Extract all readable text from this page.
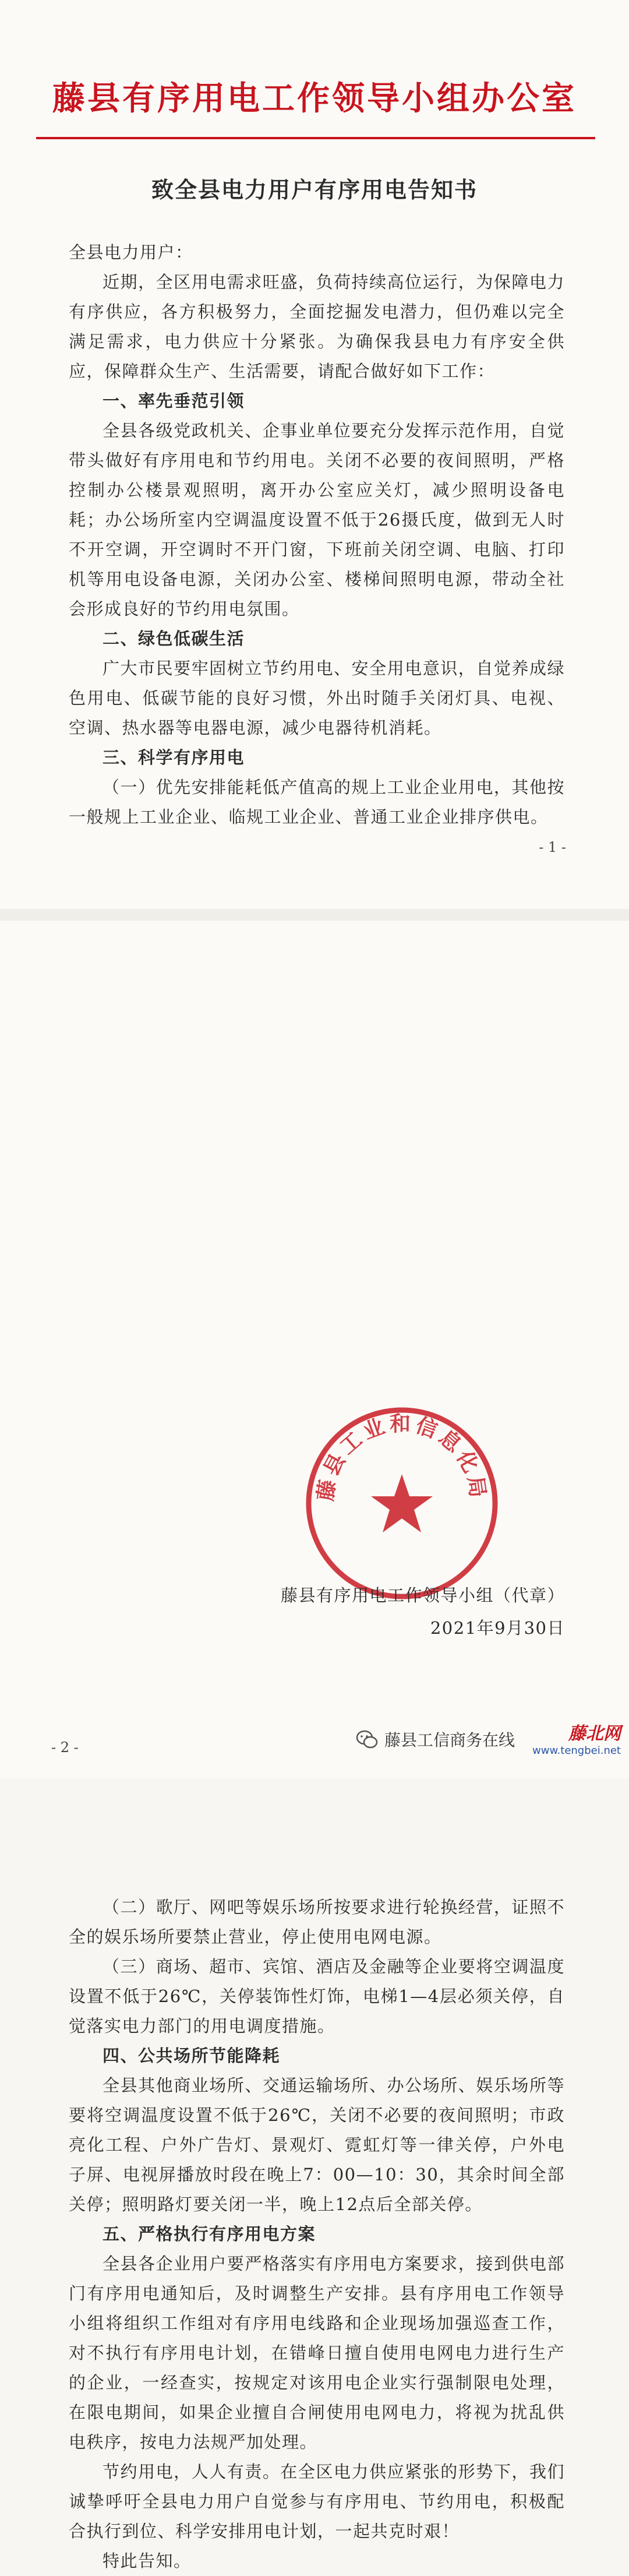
藤县有序用电工作领导小组办公室
致全县电力用户有序用电告知书

全县电力用户：

近期，全区用电需求旺盛，负荷持续高位运行，为保障电力有序供应，各方积极努力，全面挖掘发电潜力，但仍难以完全满足需求，电力供应十分紧张。为确保我县电力有序安全供应，保障群众生产、生活需要，请配合做好如下工作：

一、率先垂范引领

全县各级党政机关、企事业单位要充分发挥示范作用，自觉带头做好有序用电和节约用电。关闭不必要的夜间照明，严格控制办公楼景观照明，离开办公室应关灯，减少照明设备电耗；办公场所室内空调温度设置不低于26摄氏度，做到无人时不开空调，开空调时不开门窗，下班前关闭空调、电脑、打印机等用电设备电源，关闭办公室、楼梯间照明电源，带动全社会形成良好的节约用电氛围。

二、绿色低碳生活

广大市民要牢固树立节约用电、安全用电意识，自觉养成绿色用电、低碳节能的良好习惯，外出时随手关闭灯具、电视、空调、热水器等电器电源，减少电器待机消耗。

三、科学有序用电

（一）优先安排能耗低产值高的规上工业企业用电，其他按一般规上工业企业、临规工业企业、普通工业企业排序供电。

- 1 -

（二）歌厅、网吧等娱乐场所按要求进行轮换经营，证照不全的娱乐场所要禁止营业，停止使用电网电源。

（三）商场、超市、宾馆、酒店及金融等企业要将空调温度设置不低于26℃，关停装饰性灯饰，电梯1—4层必须关停，自觉落实电力部门的用电调度措施。

四、公共场所节能降耗

全县其他商业场所、交通运输场所、办公场所、娱乐场所等要将空调温度设置不低于26℃，关闭不必要的夜间照明；市政亮化工程、户外广告灯、景观灯、霓虹灯等一律关停，户外电子屏、电视屏播放时段在晚上7：00—10：30，其余时间全部关停；照明路灯要关闭一半，晚上12点后全部关停。

五、严格执行有序用电方案

全县各企业用户要严格落实有序用电方案要求，接到供电部门有序用电通知后，及时调整生产安排。县有序用电工作领导小组将组织工作组对有序用电线路和企业现场加强巡查工作，对不执行有序用电计划，在错峰日擅自使用电网电力进行生产的企业，一经查实，按规定对该用电企业实行强制限电处理，在限电期间，如果企业擅自合闸使用电网电力，将视为扰乱供电秩序，按电力法规严加处理。

节约用电，人人有责。在全区电力供应紧张的形势下，我们诚挚呼吁全县电力用户自觉参与有序用电、节约用电，积极配合执行到位、科学安排用电计划，一起共克时艰！

特此告知。

藤县工业和信息化局
藤县有序用电工作领导小组（代章）
2021年9月30日
- 2 -	藤县工信商务在线	藤北网
www.tengbei.net
